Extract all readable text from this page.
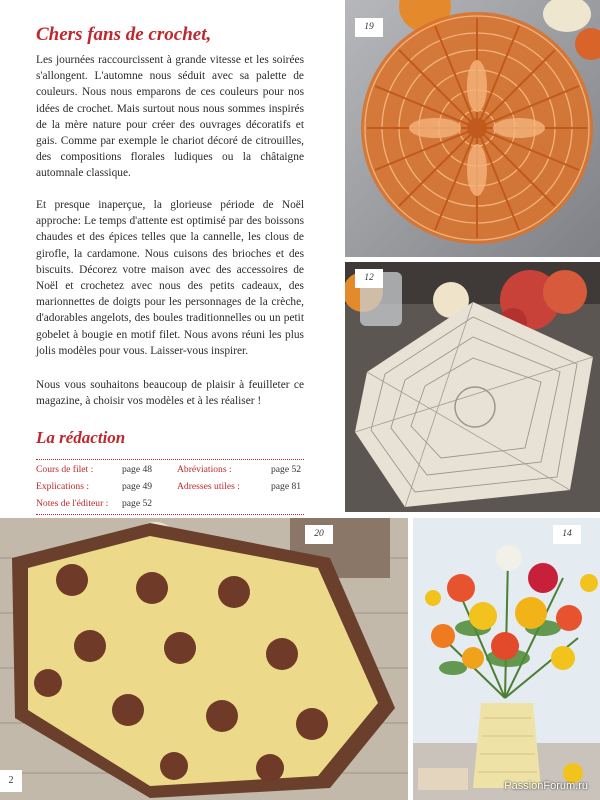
Chers fans de crochet,

Les journées raccourcissent à grande vitesse et les soirées s'allongent. L'automne nous séduit avec sa palette de couleurs. Nous nous emparons de ces couleurs pour nos idées de crochet. Mais surtout nous nous sommes inspirés de la mère nature pour créer des ouvrages décoratifs et gais. Comme par exemple le chariot décoré de citrouilles, des compositions florales ludiques ou la châtaigne automnale classique.

Et presque inaperçue, la glorieuse période de Noël approche: Le temps d'attente est optimisé par des boissons chaudes et des épices telles que la cannelle, les clous de girofle, la cardamone. Nous cuisons des brioches et des biscuits. Décorez votre maison avec des accessoires de Noël et crochetez avec nous des petits cadeaux, des marionnettes de doigts pour les personnages de la crèche, d'adorables angelots, des boules traditionnelles ou un petit gobelet à bougie en motif filet. Nous avons réuni les plus jolis modèles pour vous. Laisser-vous inspirer.

Nous vous souhaitons beaucoup de plaisir à feuilleter ce magazine, à choisir vos modèles et à les réaliser !

La rédaction
Cours de filet :	page 48	Abréviations :	page 52
Explications :	page 49	Adresses utiles :	page 81
Notes de l'éditeur : page 52
19
12
20	14
PassionForum.ru
2
